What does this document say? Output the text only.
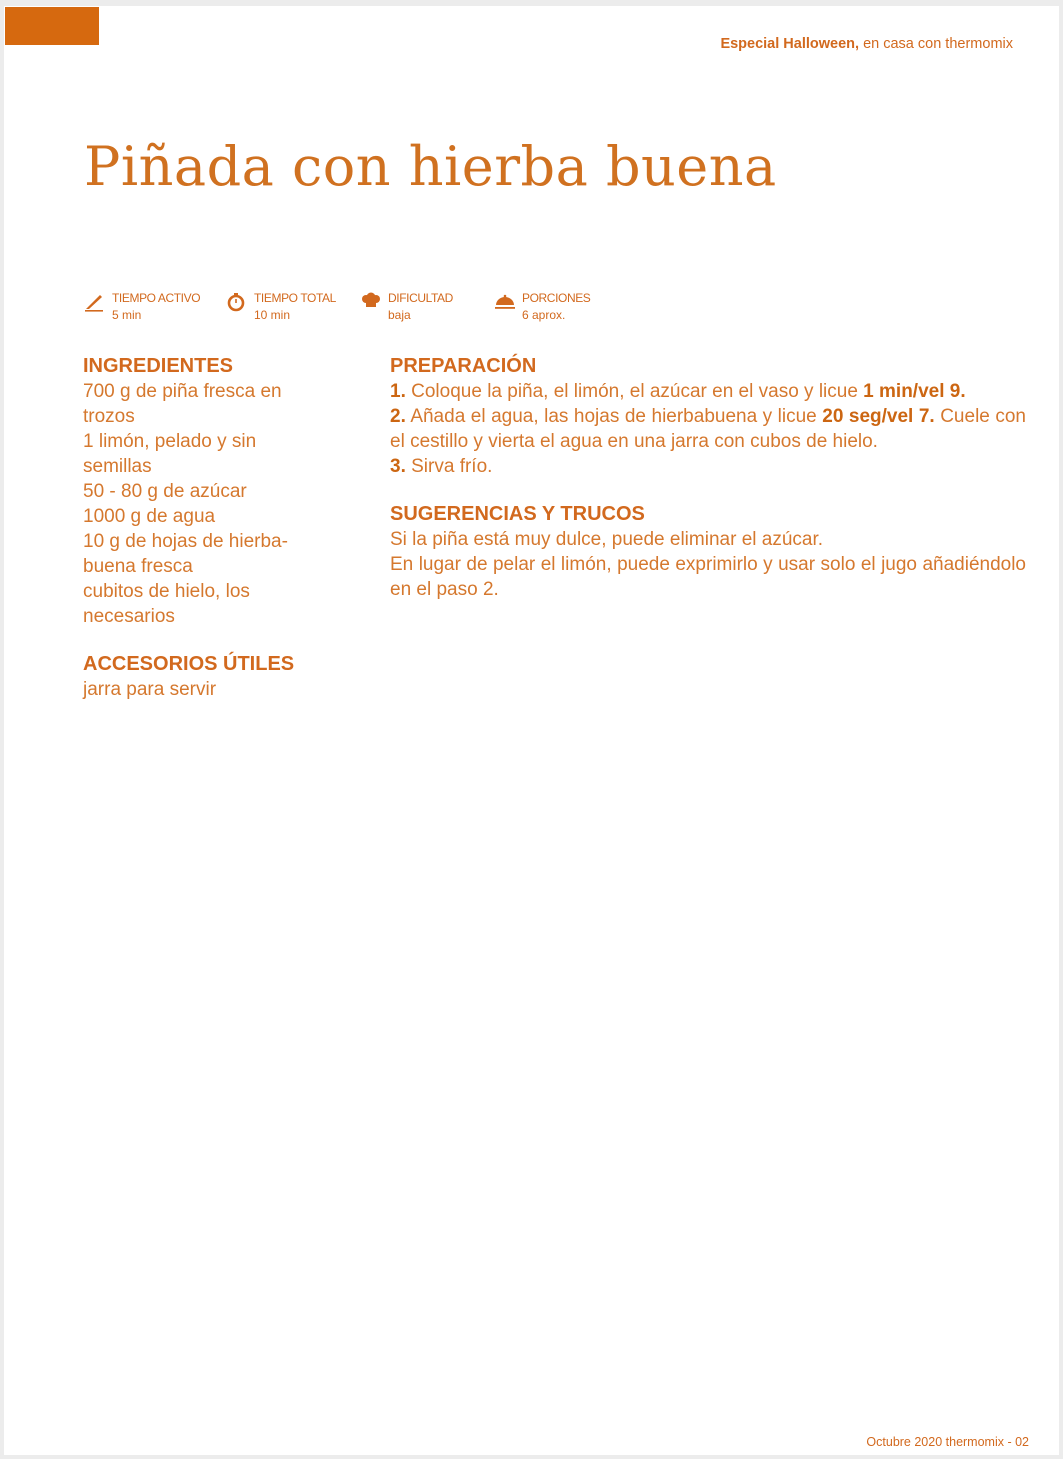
Especial Halloween, en casa con thermomix
Piñada con hierba buena
TIEMPO ACTIVO
5 min
TIEMPO TOTAL
10 min
DIFICULTAD
baja
PORCIONES
6 aprox.
INGREDIENTES
700 g de piña fresca en
trozos
1 limón, pelado y sin
semillas
50 - 80 g de azúcar
1000 g de agua
10 g de hojas de hierba-
buena fresca
cubitos de hielo, los
necesarios
ACCESORIOS ÚTILES
jarra para servir
PREPARACIÓN

1. Coloque la piña, el limón, el azúcar en el vaso y licue 1 min/vel 9.

2. Añada el agua, las hojas de hierbabuena y licue 20 seg/vel 7. Cuele con el cestillo y vierta el agua en una jarra con cubos de hielo.

3. Sirva frío.

SUGERENCIAS Y TRUCOS

Si la piña está muy dulce, puede eliminar el azúcar.

En lugar de pelar el limón, puede exprimirlo y usar solo el jugo añadiéndolo en el paso 2.

Octubre 2020 thermomix - 02
